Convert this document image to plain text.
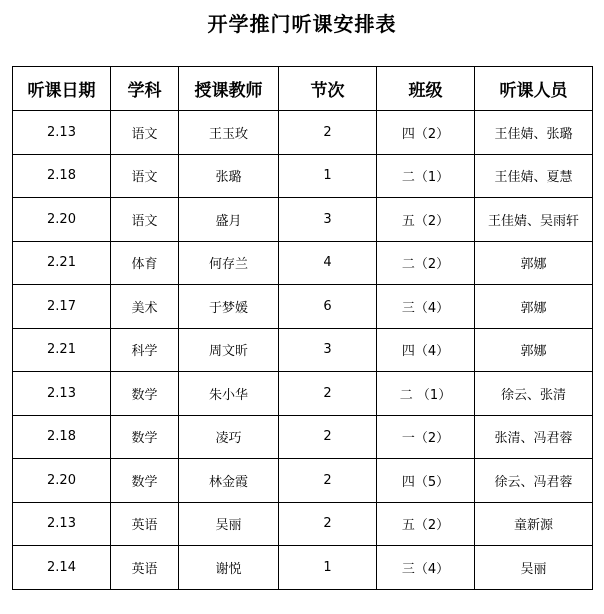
开学推门听课安排表
听课日期	学科	授课教师	节次	班级	听课人员
2.13	语文	王玉玫	2	四（2）	王佳婧、张璐
2.18	语文	张璐	1	二（1）	王佳婧、夏慧
2.20	语文	盛月	3	五（2）	王佳婧、吴雨轩
2.21	体育	何存兰	4	二（2）	郭娜
2.17	美术	于梦媛	6	三（4）	郭娜
2.21	科学	周文昕	3	四（4）	郭娜
2.13	数学	朱小华	2	二 （1）	徐云、张清
2.18	数学	凌巧	2	一（2）	张清、冯君蓉
2.20	数学	林金霞	2	四（5）	徐云、冯君蓉
2.13	英语	吴丽	2	五（2）	童新源
2.14	英语	谢悦	1	三（4）	吴丽
